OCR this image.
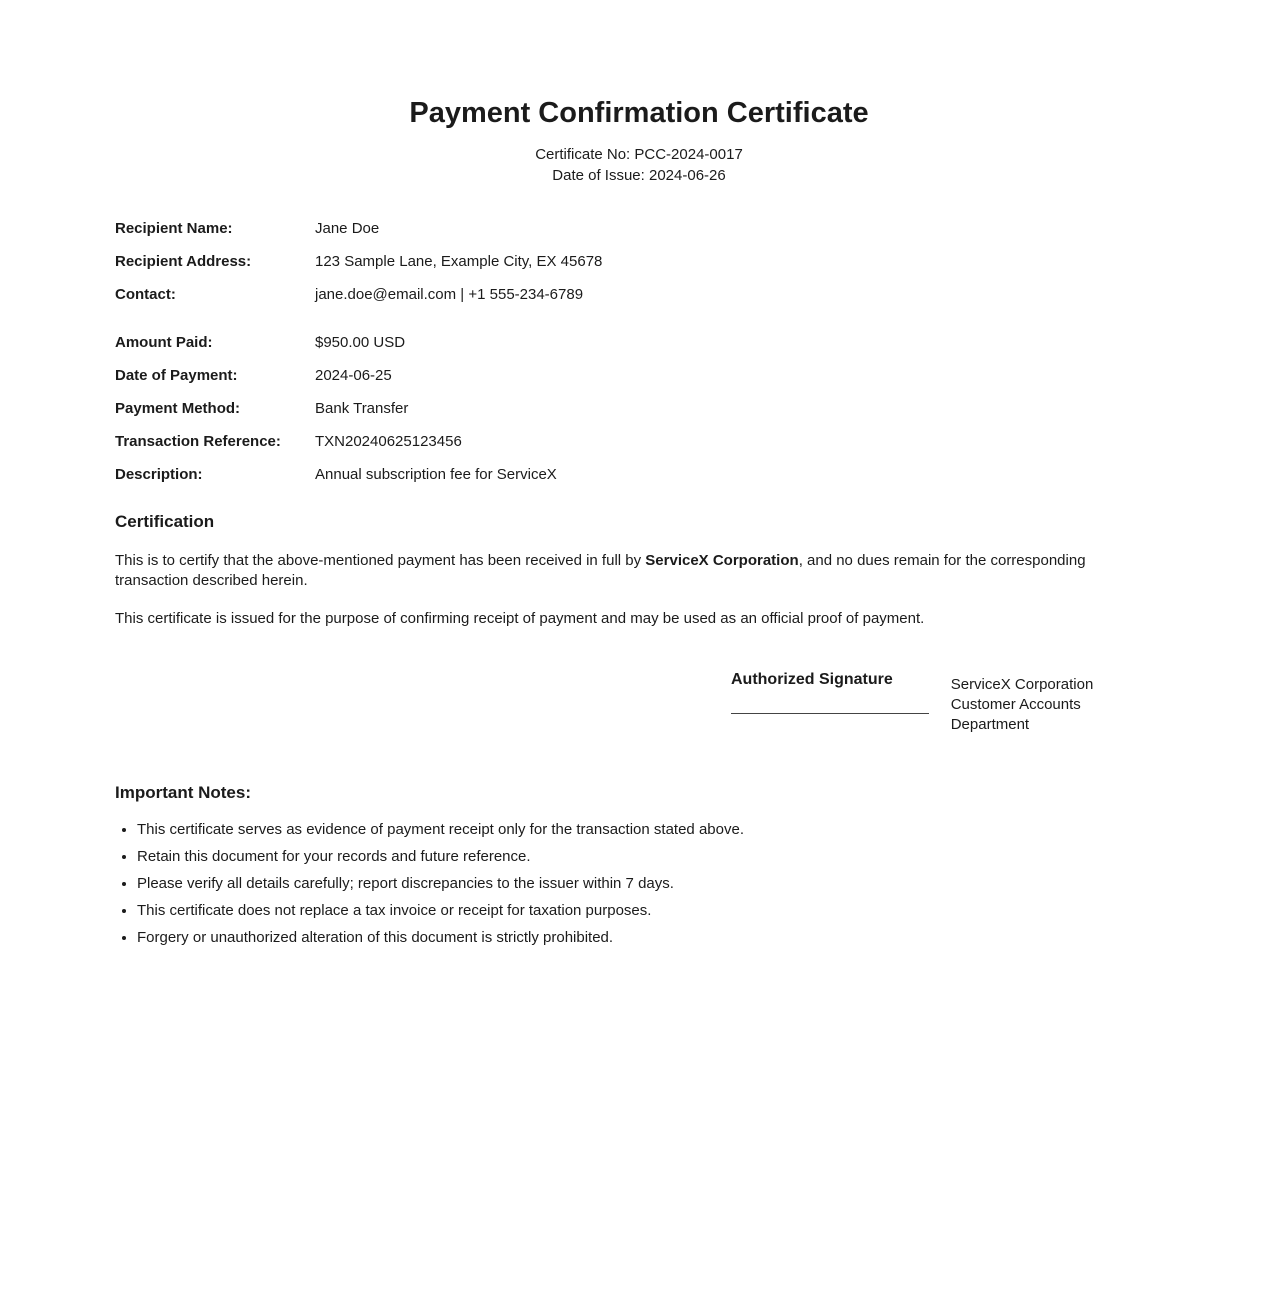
Payment Confirmation Certificate
Certificate No: PCC-2024-0017
Date of Issue: 2024-06-26
Recipient Name:	Jane Doe
Recipient Address:	123 Sample Lane, Example City, EX 45678
Contact:	jane.doe@email.com | +1 555-234-6789
Amount Paid:	$950.00 USD
Date of Payment:	2024-06-25
Payment Method:	Bank Transfer
Transaction Reference:	TXN20240625123456
Description:	Annual subscription fee for ServiceX
Certification

This is to certify that the above-mentioned payment has been received in full by ServiceX Corporation, and no dues remain for the corresponding transaction described herein.

This certificate is issued for the purpose of confirming receipt of payment and may be used as an official proof of payment.

Authorized Signature	ServiceX Corporation
Customer Accounts Department
Important Notes:
• This certificate serves as evidence of payment receipt only for the transaction stated above.
• Retain this document for your records and future reference.
• Please verify all details carefully; report discrepancies to the issuer within 7 days.
• This certificate does not replace a tax invoice or receipt for taxation purposes.
• Forgery or unauthorized alteration of this document is strictly prohibited.
